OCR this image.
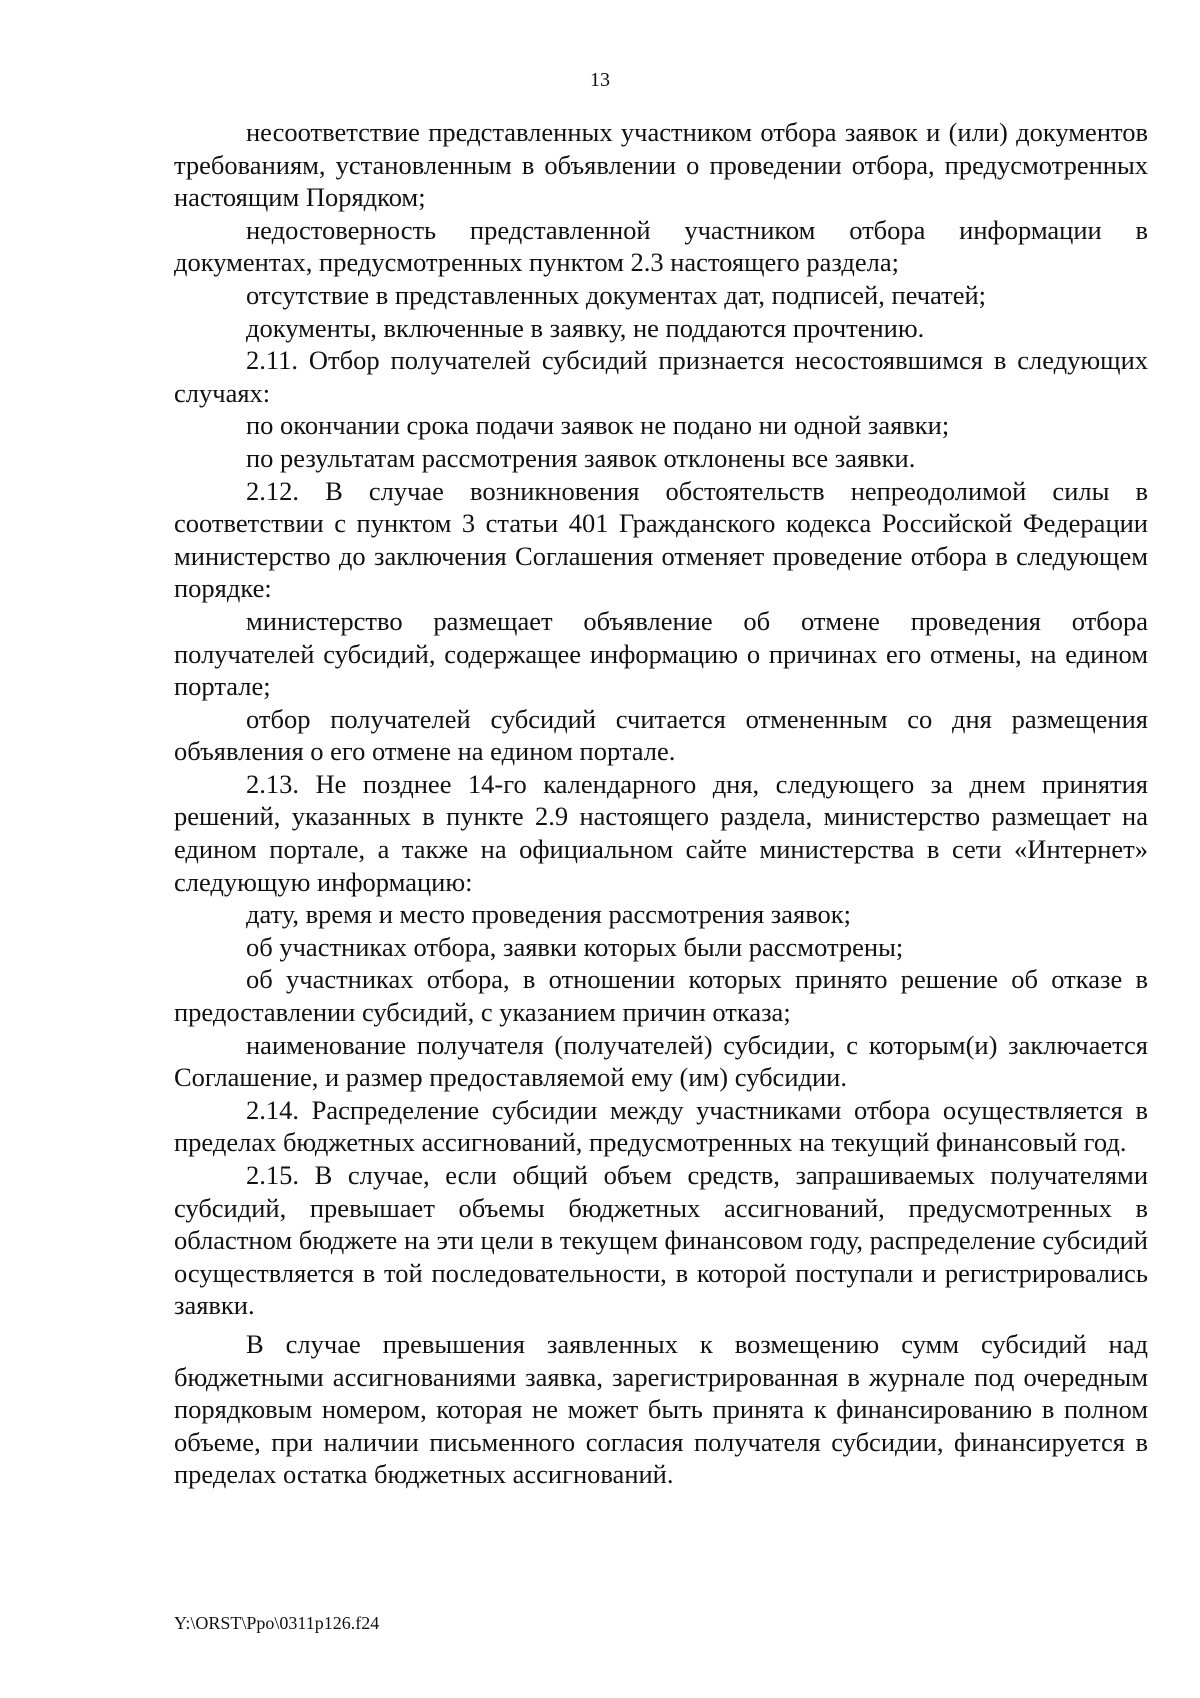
13

несоответствие представленных участником отбора заявок и (или) документов требованиям, установленным в объявлении о проведении отбора, предусмотренных настоящим Порядком;

недостоверность представленной участником отбора информации в документах, предусмотренных пунктом 2.3 настоящего раздела;

отсутствие в представленных документах дат, подписей, печатей;

документы, включенные в заявку, не поддаются прочтению.

2.11. Отбор получателей субсидий признается несостоявшимся в следующих случаях:

по окончании срока подачи заявок не подано ни одной заявки;

по результатам рассмотрения заявок отклонены все заявки.

2.12. В случае возникновения обстоятельств непреодолимой силы в соответствии с пунктом 3 статьи 401 Гражданского кодекса Российской Федерации министерство до заключения Соглашения отменяет проведение отбора в следующем порядке:

министерство размещает объявление об отмене проведения отбора получателей субсидий, содержащее информацию о причинах его отмены, на едином портале;

отбор получателей субсидий считается отмененным со дня размещения объявления о его отмене на едином портале.

2.13. Не позднее 14-го календарного дня, следующего за днем принятия решений, указанных в пункте 2.9 настоящего раздела, министерство размещает на едином портале, а также на официальном сайте министерства в сети «Интернет» следующую информацию:

дату, время и место проведения рассмотрения заявок;

об участниках отбора, заявки которых были рассмотрены;

об участниках отбора, в отношении которых принято решение об отказе в предоставлении субсидий, с указанием причин отказа;

наименование получателя (получателей) субсидии, с которым(и) заключается Соглашение, и размер предоставляемой ему (им) субсидии.

2.14. Распределение субсидии между участниками отбора осуществляется в пределах бюджетных ассигнований, предусмотренных на текущий финансовый год.

2.15. В случае, если общий объем средств, запрашиваемых получателями субсидий, превышает объемы бюджетных ассигнований, предусмотренных в областном бюджете на эти цели в текущем финансовом году, распределение субсидий осуществляется в той последовательности, в которой поступали и регистрировались заявки.

В случае превышения заявленных к возмещению сумм субсидий над бюджетными ассигнованиями заявка, зарегистрированная в журнале под очередным порядковым номером, которая не может быть принята к финансированию в полном объеме, при наличии письменного согласия получателя субсидии, финансируется в пределах остатка бюджетных ассигнований.

Y:\ORST\Ppo\0311p126.f24
